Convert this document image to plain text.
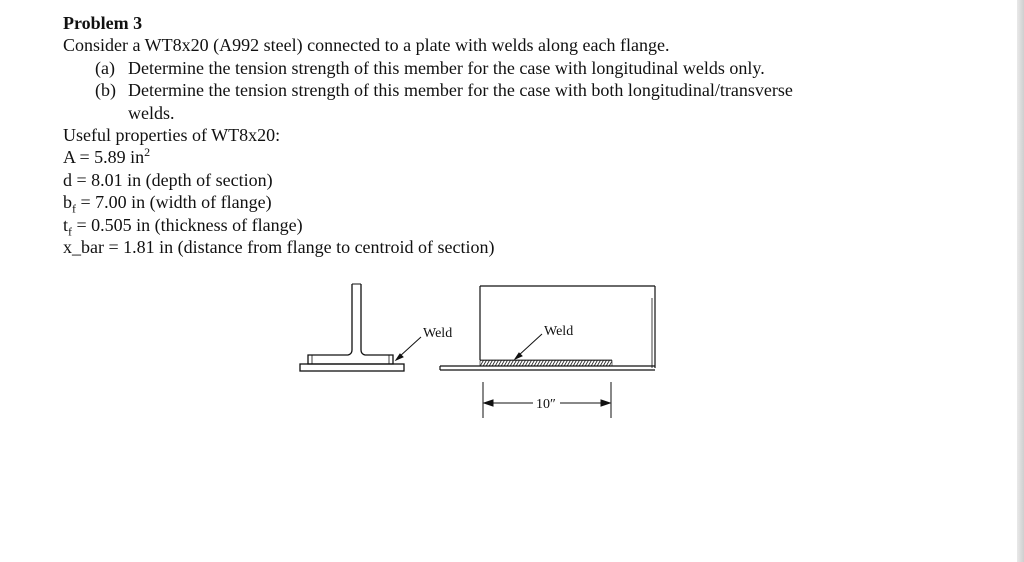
Problem 3
Consider a WT8x20 (A992 steel) connected to a plate with welds along each flange.
(a) Determine the tension strength of this member for the case with longitudinal welds only.
(b) Determine the tension strength of this member for the case with both longitudinal/transverse
welds.
Useful properties of WT8x20:
A = 5.89 $in^2$
d = 8.01 in (depth of section)
$b_f = 7.00$ in (width of flange)
$t_f = 0.505$ in (thickness of flange)
x_bar = 1.81 in (distance from flange to centroid of section)
Weld	Weld
10″
